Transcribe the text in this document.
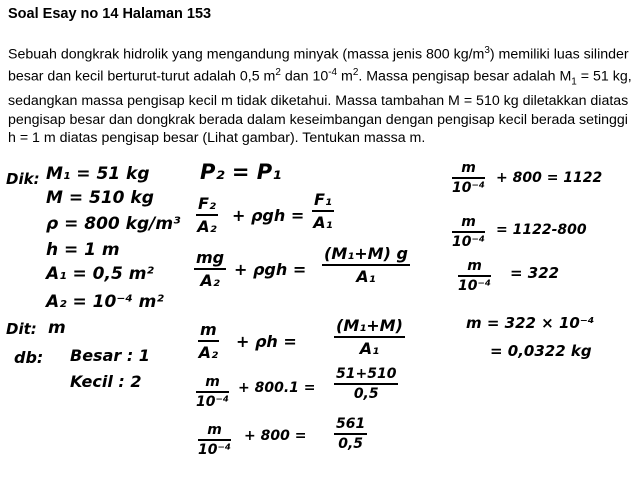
Soal Esay no 14 Halaman 153
Sebuah dongkrak hidrolik yang mengandung minyak (massa jenis 800 $kg/m^3$) memiliki luas silinder besar dan kecil berturut-turut adalah 0,5 $m^2$ dan $10^{-4}$ $m^2$. Massa pengisap besar adalah $M_1 = 51$ kg, sedangkan massa pengisap kecil m tidak diketahui. Massa tambahan M = 510 kg diletakkan diatas pengisap besar dan dongkrak berada dalam keseimbangan dengan pengisap kecil berada setinggi h = 1 m diatas pengisap besar (Lihat gambar). Tentukan massa m.
Dik: M₁ = 51 kg
M = 510 kg
ρ = 800 kg/m³
h = 1 m
A₁ = 0,5 m²
A₂ = 10⁻⁴ m²
Dit: m
db: Besar : 1
Kecil : 2
P₂ = P₁
F₂
A₂
+ ρgh =
F₁
A₁
mg
A₂
+ ρgh =
(M₁+M) g
A₁
m
A₂
+ ρh =
(M₁+M)
A₁
m
10⁻⁴
+ 800.1 =
51+510
0,5
m
10⁻⁴
+ 800 =
561
0,5
m
10⁻⁴
+ 800 = 1122
m
10⁻⁴
= 1122-800
m
10⁻⁴
= 322
m = 322 × 10⁻⁴
= 0,0322 kg
